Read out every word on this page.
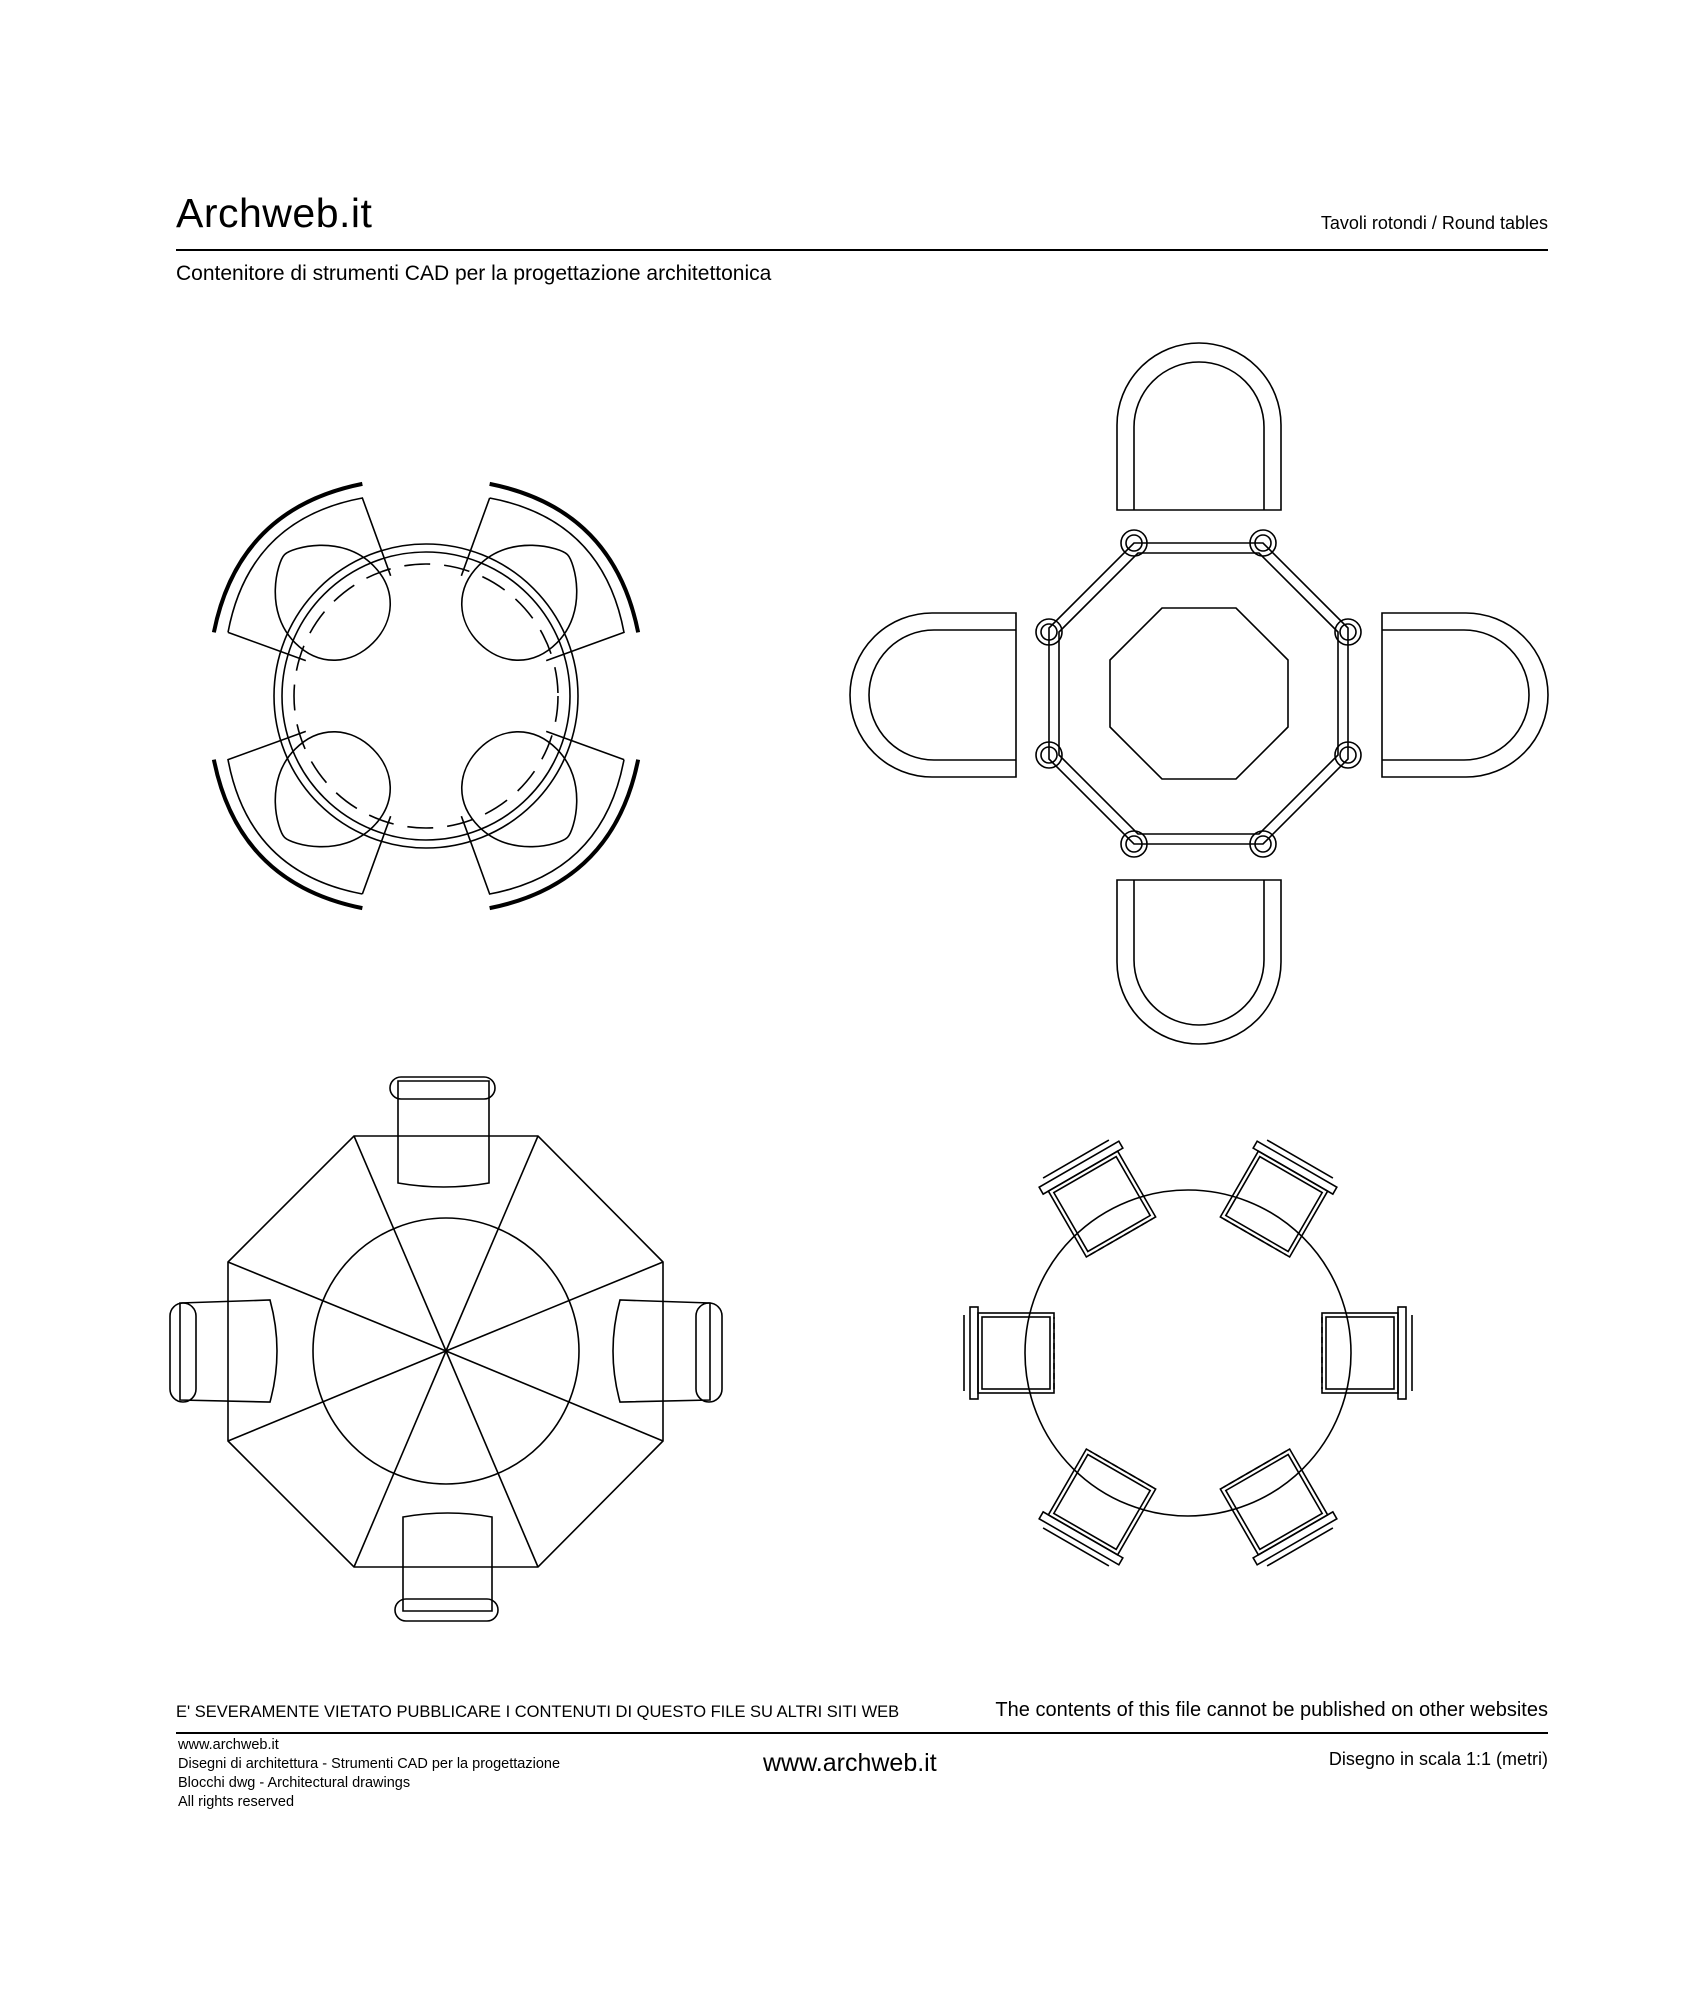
Archweb.it	Tavoli rotondi / Round tables
Contenitore di strumenti CAD per la progettazione architettonica
E' SEVERAMENTE VIETATO PUBBLICARE I CONTENUTI DI QUESTO FILE SU ALTRI SITI WEB	The contents of this file cannot be published on other websites
www.archweb.it
Disegni di architettura - Strumenti CAD per la progettazione
Blocchi dwg - Architectural drawings
All rights reserved
www.archweb.it	Disegno in scala 1:1 (metri)
